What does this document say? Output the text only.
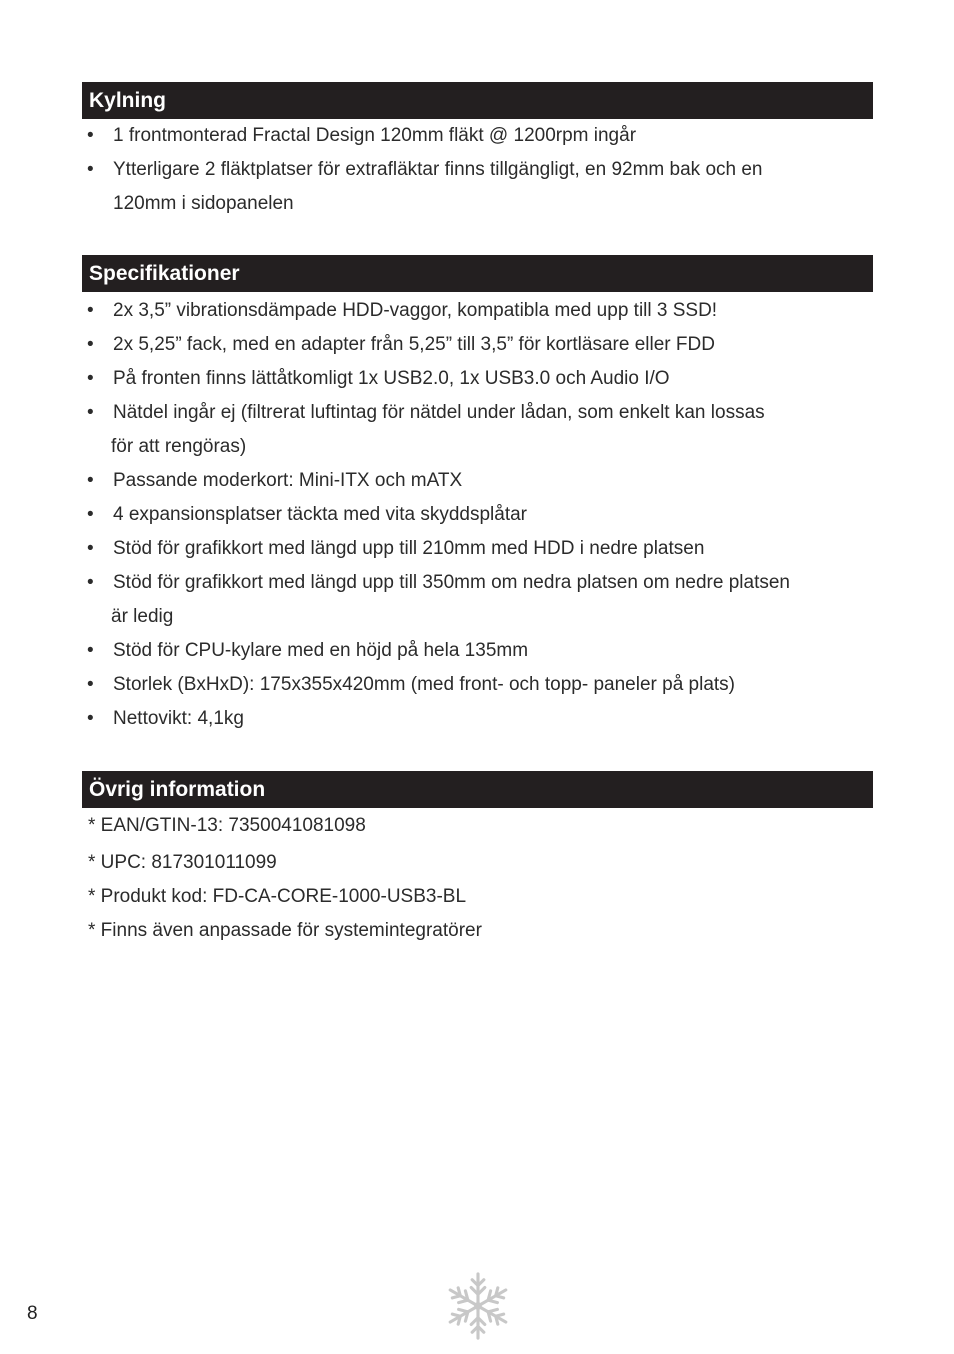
Kylning
• 1 frontmonterad Fractal Design 120mm fläkt @ 1200rpm ingår
• Ytterligare 2 fläktplatser för extrafläktar finns tillgängligt, en 92mm bak och en
120mm i sidopanelen
Specifikationer
• 2x 3,5” vibrationsdämpade HDD-vaggor, kompatibla med upp till 3 SSD!
• 2x 5,25” fack, med en adapter från 5,25” till 3,5” för kortläsare eller FDD
• På fronten finns lättåtkomligt 1x USB2.0, 1x USB3.0 och Audio I/O
• Nätdel ingår ej (filtrerat luftintag för nätdel under lådan, som enkelt kan lossas
för att rengöras)
• Passande moderkort: Mini-ITX och mATX
• 4 expansionsplatser täckta med vita skyddsplåtar
• Stöd för grafikkort med längd upp till 210mm med HDD i nedre platsen
• Stöd för grafikkort med längd upp till 350mm om nedra platsen om nedre platsen
är ledig
• Stöd för CPU-kylare med en höjd på hela 135mm
• Storlek (BxHxD): 175x355x420mm (med front- och topp- paneler på plats)
• Nettovikt: 4,1kg
Övrig information
* EAN/GTIN-13: 7350041081098
* UPC: 817301011099
* Produkt kod: FD-CA-CORE-1000-USB3-BL
* Finns även anpassade för systemintegratörer
8
